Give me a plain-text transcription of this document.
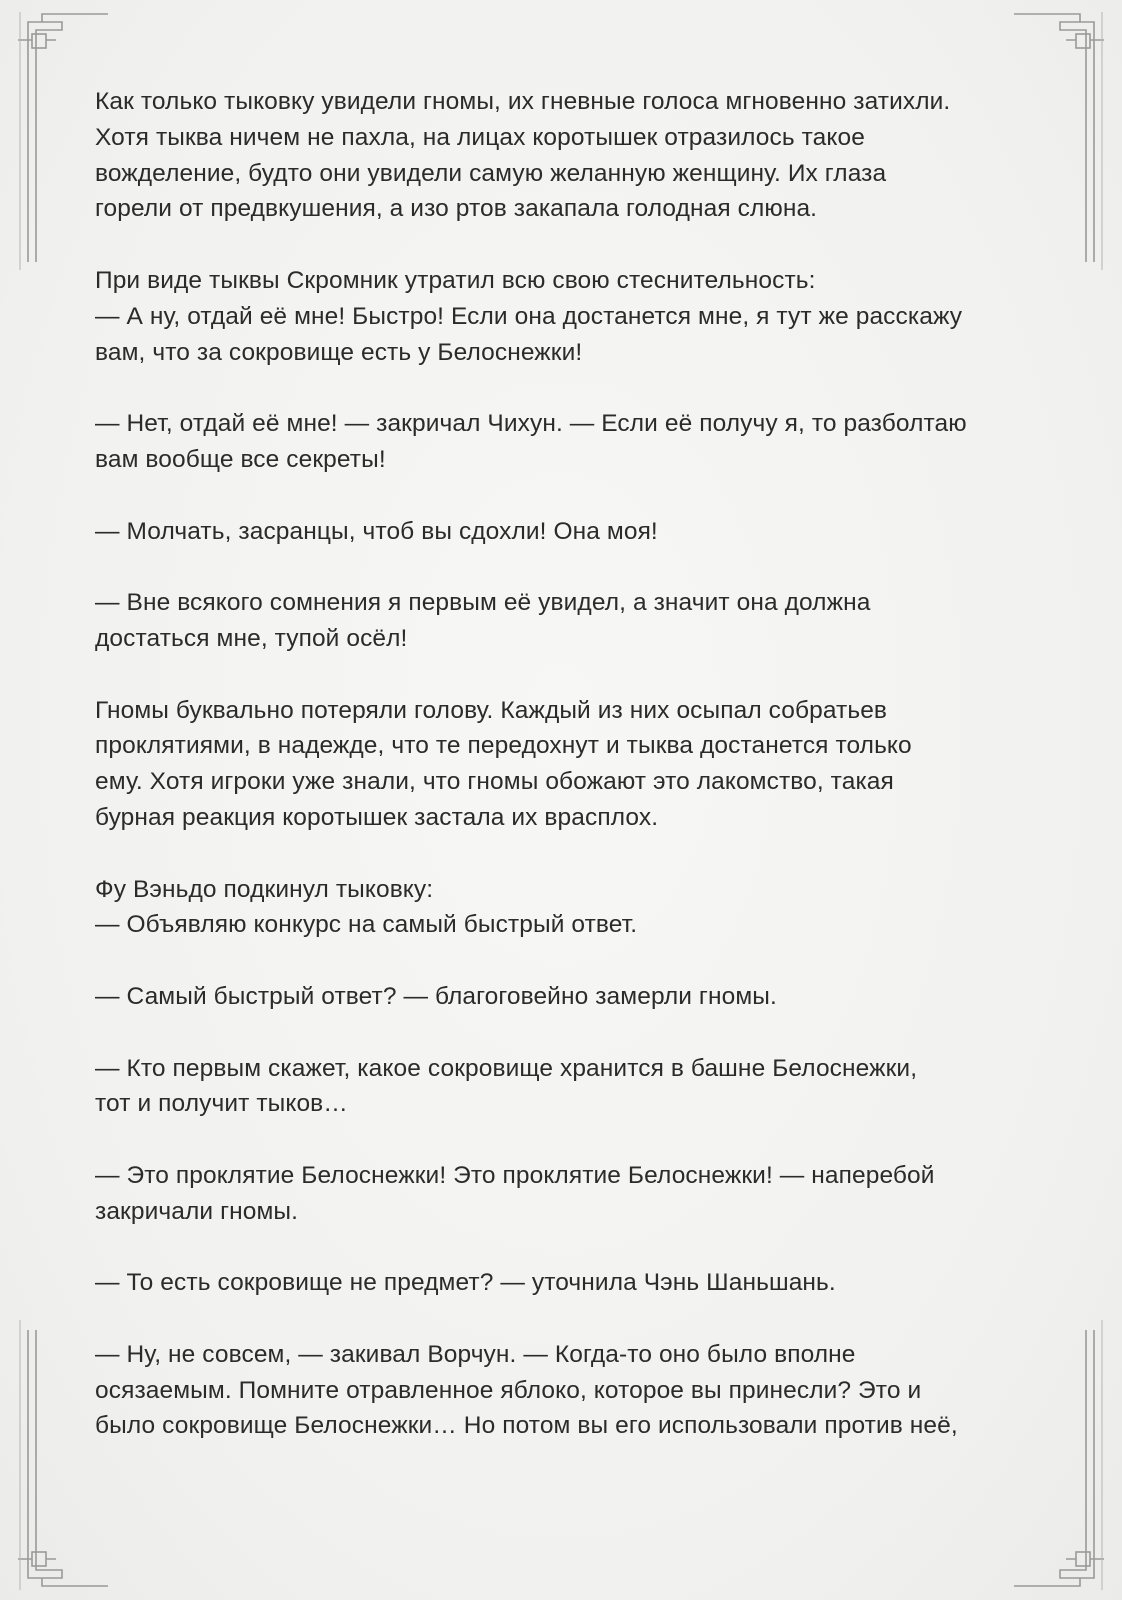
Как только тыковку увидели гномы, их гневные голоса мгновенно затихли.
Хотя тыква ничем не пахла, на лицах коротышек отразилось такое
вожделение, будто они увидели самую желанную женщину. Их глаза
горели от предвкушения, а изо ртов закапала голодная слюна.

При виде тыквы Скромник утратил всю свою стеснительность:
— А ну, отдай её мне! Быстро! Если она достанется мне, я тут же расскажу
вам, что за сокровище есть у Белоснежки!

— Нет, отдай её мне! — закричал Чихун. — Если её получу я, то разболтаю
вам вообще все секреты!

— Молчать, засранцы, чтоб вы сдохли! Она моя!

— Вне всякого сомнения я первым её увидел, а значит она должна
достаться мне, тупой осёл!

Гномы буквально потеряли голову. Каждый из них осыпал собратьев
проклятиями, в надежде, что те передохнут и тыква достанется только
ему. Хотя игроки уже знали, что гномы обожают это лакомство, такая
бурная реакция коротышек застала их врасплох.

Фу Вэньдо подкинул тыковку:
— Объявляю конкурс на самый быстрый ответ.

— Самый быстрый ответ? — благоговейно замерли гномы.

— Кто первым скажет, какое сокровище хранится в башне Белоснежки,
тот и получит тыков…

— Это проклятие Белоснежки! Это проклятие Белоснежки! — наперебой
закричали гномы.

— То есть сокровище не предмет? — уточнила Чэнь Шаньшань.

— Ну, не совсем, — закивал Ворчун. — Когда-то оно было вполне
осязаемым. Помните отравленное яблоко, которое вы принесли? Это и
было сокровище Белоснежки… Но потом вы его использовали против неё,
